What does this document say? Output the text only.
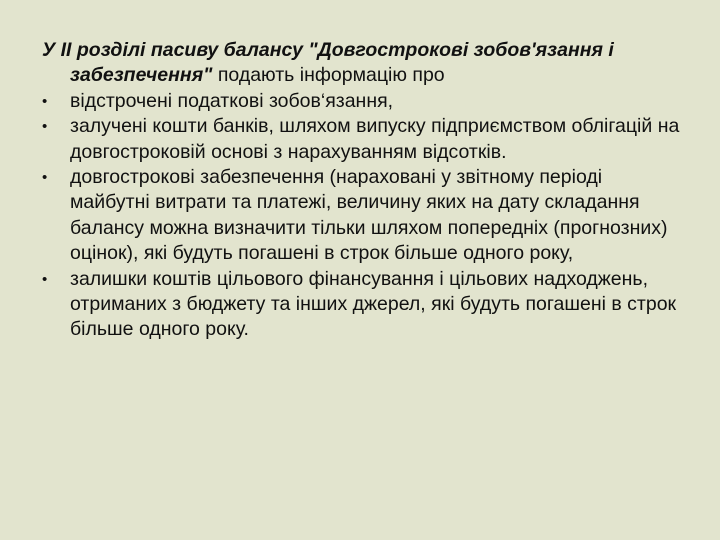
У ІІ розділі пасиву балансу "Довгострокові зобов'язання і забезпечення" подають інформацію про

•	відстрочені податкові зобов‘язання,
•	залучені кошти банків, шляхом випуску підприємством облігацій на довгостроковій основі з нарахуванням відсотків.
•	довгострокові забезпечення (нараховані у звітному періоді майбутні витрати та платежі, величину яких на дату складання балансу можна визначити тільки шляхом попередніх (прогнозних) оцінок), які будуть погашені в строк більше одного року,
•	залишки коштів цільового фінансування і цільових надходжень, отриманих з бюджету та інших джерел, які будуть погашені в строк більше одного року.
